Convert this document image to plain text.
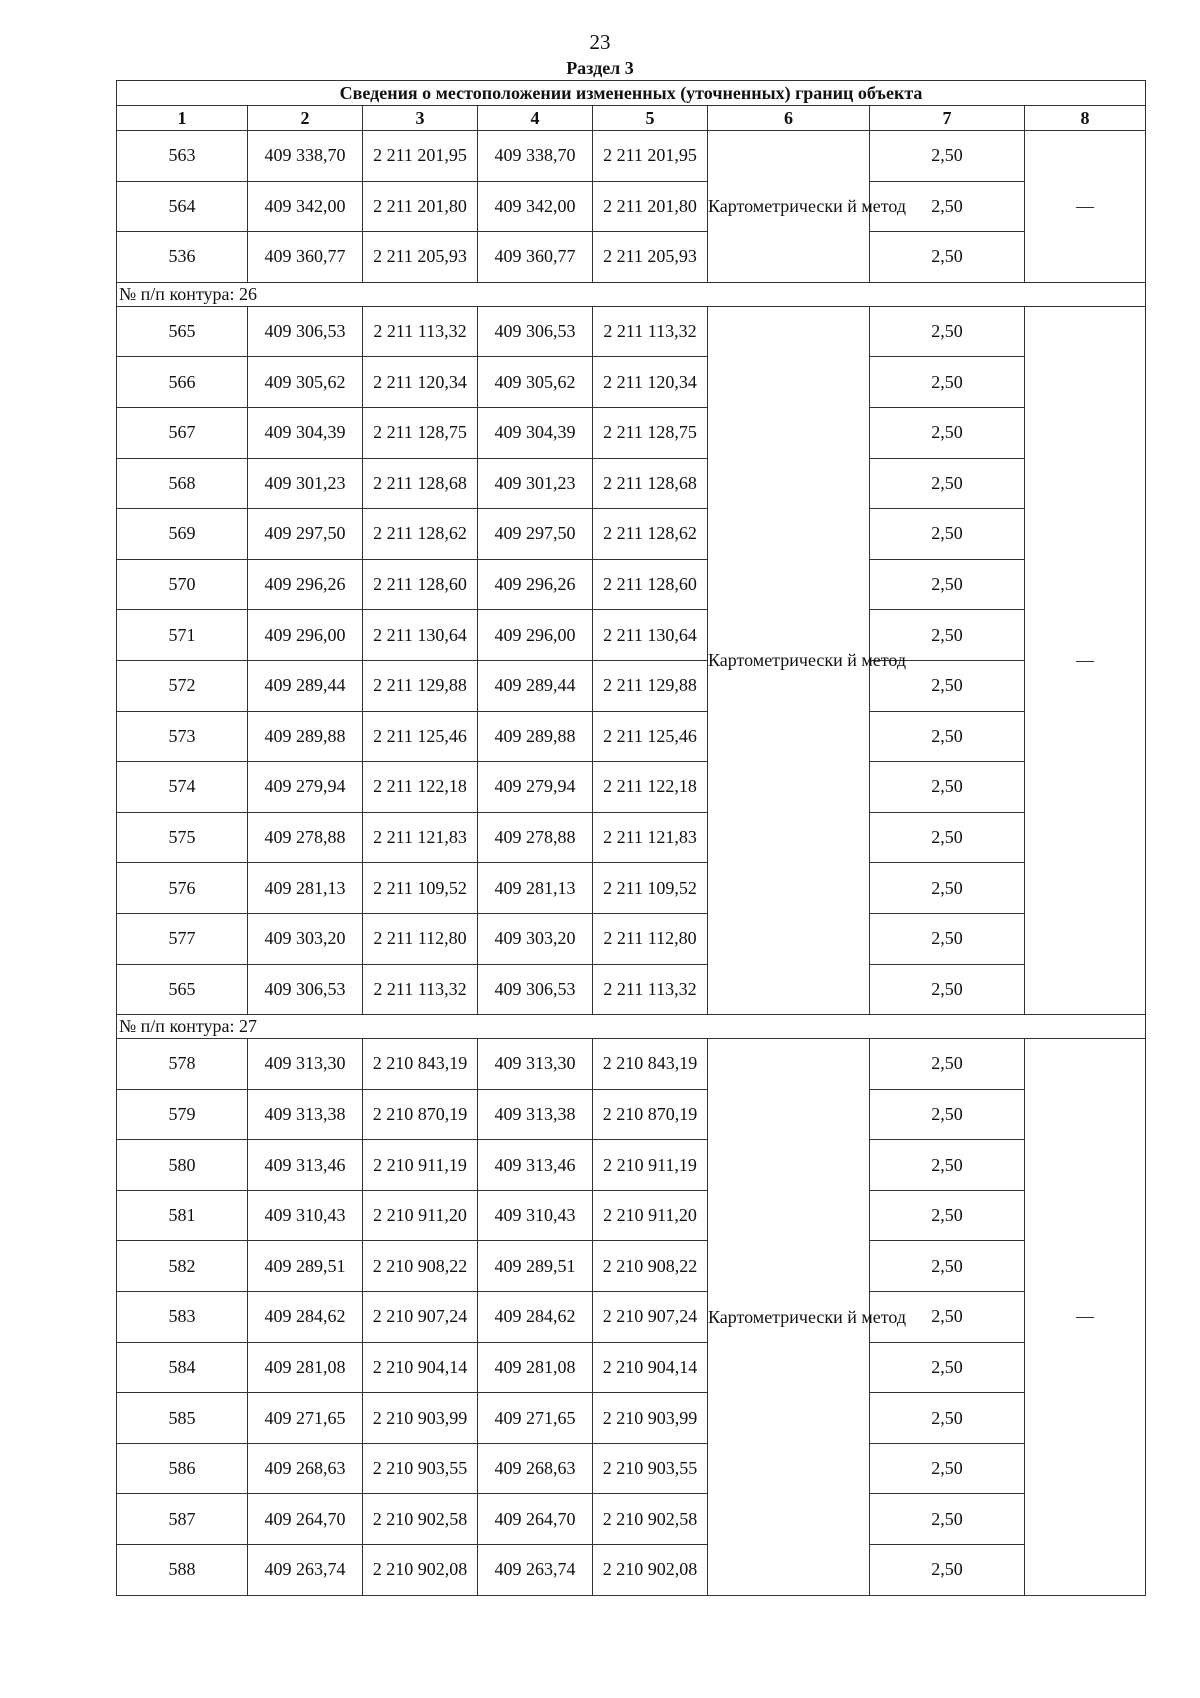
23
Раздел 3
Сведения о местоположении измененных (уточненных) границ объекта							
1	2	3	4	5	6	7	8
563	409 338,70	2 211 201,95	409 338,70	2 211 201,95	Картометрически й метод	2,50	—
564	409 342,00	2 211 201,80	409 342,00	2 211 201,80		2,50	
536	409 360,77	2 211 205,93	409 360,77	2 211 205,93		2,50	
№ п/п контура: 26							
565	409 306,53	2 211 113,32	409 306,53	2 211 113,32	Картометрически й метод	2,50	—
566	409 305,62	2 211 120,34	409 305,62	2 211 120,34		2,50	
567	409 304,39	2 211 128,75	409 304,39	2 211 128,75		2,50	
568	409 301,23	2 211 128,68	409 301,23	2 211 128,68		2,50	
569	409 297,50	2 211 128,62	409 297,50	2 211 128,62		2,50	
570	409 296,26	2 211 128,60	409 296,26	2 211 128,60		2,50	
571	409 296,00	2 211 130,64	409 296,00	2 211 130,64		2,50	
572	409 289,44	2 211 129,88	409 289,44	2 211 129,88		2,50	
573	409 289,88	2 211 125,46	409 289,88	2 211 125,46		2,50	
574	409 279,94	2 211 122,18	409 279,94	2 211 122,18		2,50	
575	409 278,88	2 211 121,83	409 278,88	2 211 121,83		2,50	
576	409 281,13	2 211 109,52	409 281,13	2 211 109,52		2,50	
577	409 303,20	2 211 112,80	409 303,20	2 211 112,80		2,50	
565	409 306,53	2 211 113,32	409 306,53	2 211 113,32		2,50	
№ п/п контура: 27							
578	409 313,30	2 210 843,19	409 313,30	2 210 843,19	Картометрически й метод	2,50	—
579	409 313,38	2 210 870,19	409 313,38	2 210 870,19		2,50	
580	409 313,46	2 210 911,19	409 313,46	2 210 911,19		2,50	
581	409 310,43	2 210 911,20	409 310,43	2 210 911,20		2,50	
582	409 289,51	2 210 908,22	409 289,51	2 210 908,22		2,50	
583	409 284,62	2 210 907,24	409 284,62	2 210 907,24		2,50	
584	409 281,08	2 210 904,14	409 281,08	2 210 904,14		2,50	
585	409 271,65	2 210 903,99	409 271,65	2 210 903,99		2,50	
586	409 268,63	2 210 903,55	409 268,63	2 210 903,55		2,50	
587	409 264,70	2 210 902,58	409 264,70	2 210 902,58		2,50	
588	409 263,74	2 210 902,08	409 263,74	2 210 902,08		2,50	
